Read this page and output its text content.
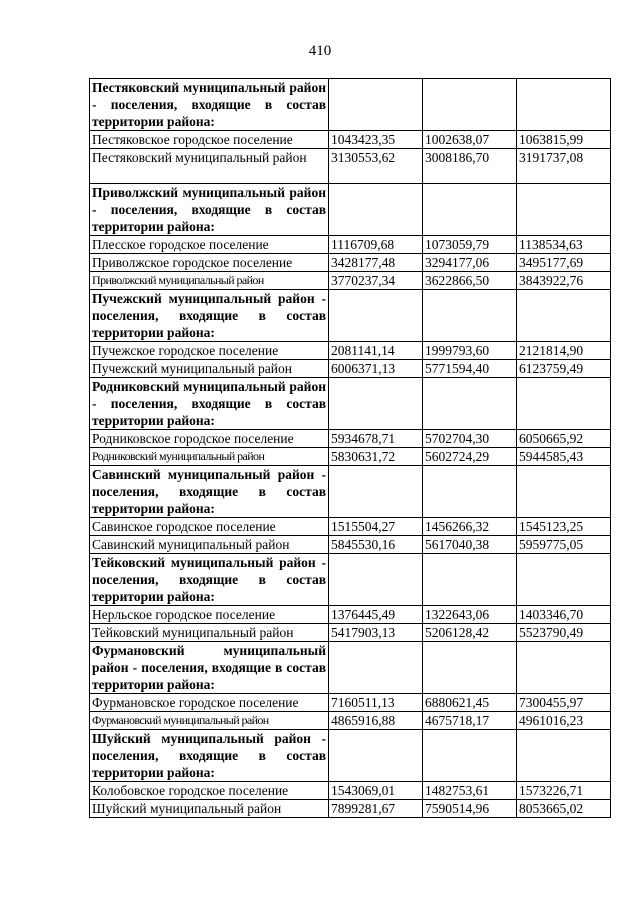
410
Пестяковский муниципальный район - поселения, входящие в состав территории района:			
Пестяковское городское поселение	1043423,35	1002638,07	1063815,99
Пестяковский муниципальный район	3130553,62	3008186,70	3191737,08
Приволжский муниципальный район - поселения, входящие в состав территории района:			
Плесское городское поселение	1116709,68	1073059,79	1138534,63
Приволжское городское поселение	3428177,48	3294177,06	3495177,69
Приволжский муниципальный район	3770237,34	3622866,50	3843922,76
Пучежский муниципальный район - поселения, входящие в состав территории района:			
Пучежское городское поселение	2081141,14	1999793,60	2121814,90
Пучежский муниципальный район	6006371,13	5771594,40	6123759,49
Родниковский муниципальный район - поселения, входящие в состав территории района:			
Родниковское городское поселение	5934678,71	5702704,30	6050665,92
Родниковский муниципальный район	5830631,72	5602724,29	5944585,43
Савинский муниципальный район - поселения, входящие в состав территории района:			
Савинское городское поселение	1515504,27	1456266,32	1545123,25
Савинский муниципальный район	5845530,16	5617040,38	5959775,05
Тейковский муниципальный район - поселения, входящие в состав территории района:			
Нерльское городское поселение	1376445,49	1322643,06	1403346,70
Тейковский муниципальный район	5417903,13	5206128,42	5523790,49
Фурмановский муниципальный район - поселения, входящие в состав территории района:			
Фурмановское городское поселение	7160511,13	6880621,45	7300455,97
Фурмановский муниципальный район	4865916,88	4675718,17	4961016,23
Шуйский муниципальный район - поселения, входящие в состав территории района:			
Колобовское городское поселение	1543069,01	1482753,61	1573226,71
Шуйский муниципальный район	7899281,67	7590514,96	8053665,02
